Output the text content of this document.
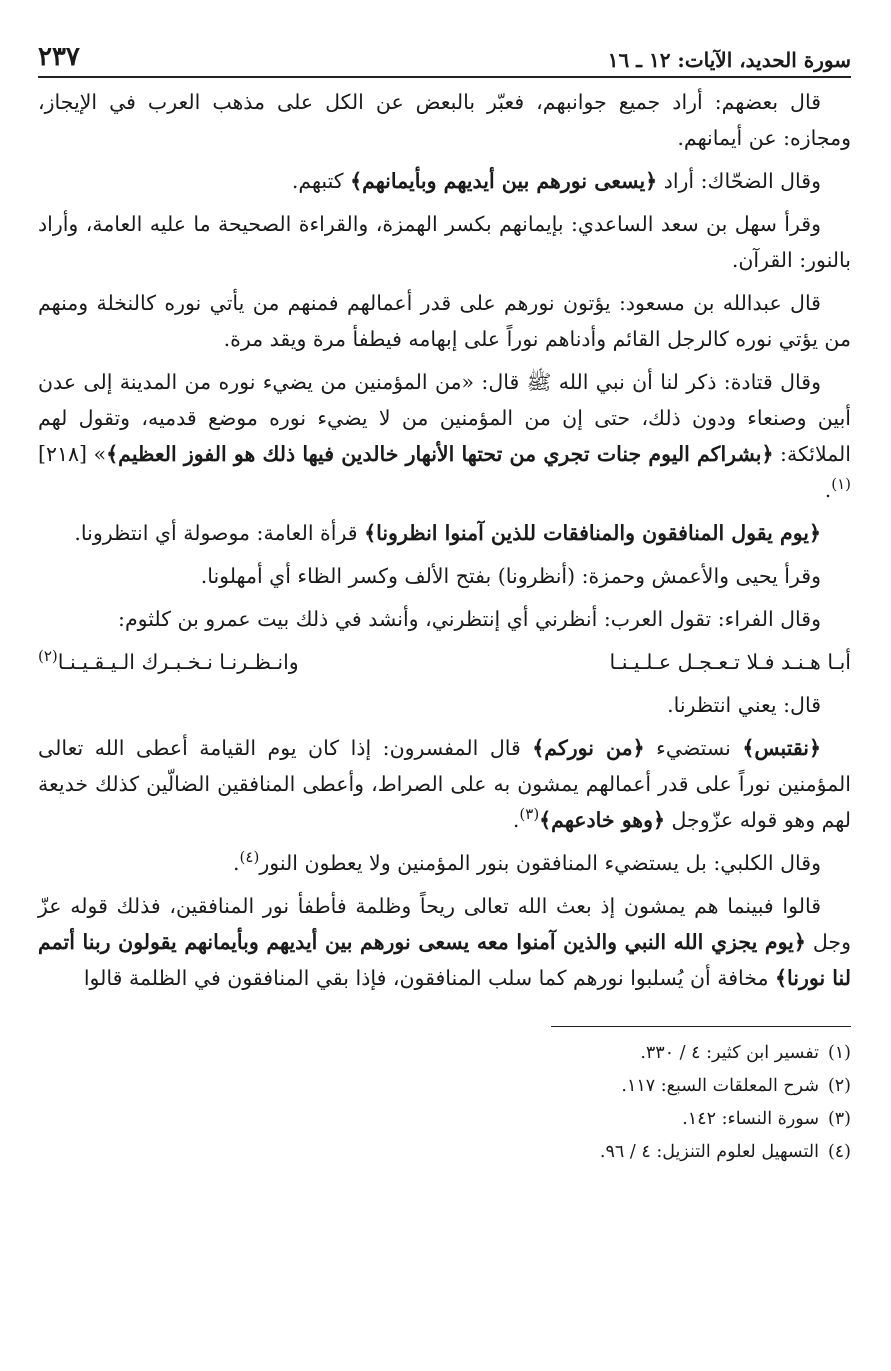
سورة الحديد، الآيات: ١٢ ـ ١٦
٢٣٧

قال بعضهم: أراد جميع جوانبهم، فعبّر بالبعض عن الكل على مذهب العرب في الإيجاز، ومجازه: عن أيمانهم.

وقال الضحّاك: أراد ﴿يسعى نورهم بين أيديهم وبأيمانهم﴾ كتبهم.

وقرأ سهل بن سعد الساعدي: بإيمانهم بكسر الهمزة، والقراءة الصحيحة ما عليه العامة، وأراد بالنور: القرآن.

قال عبدالله بن مسعود: يؤتون نورهم على قدر أعمالهم فمنهم من يأتي نوره كالنخلة ومنهم من يؤتي نوره كالرجل القائم وأدناهم نوراً على إبهامه فيطفأ مرة ويقد مرة.

وقال قتادة: ذكر لنا أن نبي الله ﷺ قال: «من المؤمنين من يضيء نوره من المدينة إلى عدن أبين وصنعاء ودون ذلك، حتى إن من المؤمنين من لا يضيء نوره موضع قدميه، وتقول لهم الملائكة: ﴿بشراكم اليوم جنات تجري من تحتها الأنهار خالدين فيها ذلك هو الفوز العظيم﴾» [٢١٨]$^{(١)}$.

﴿يوم يقول المنافقون والمنافقات للذين آمنوا انظرونا﴾ قرأة العامة: موصولة أي انتظرونا.

وقرأ يحيى والأعمش وحمزة: (أنظرونا) بفتح الألف وكسر الظاء أي أمهلونا.

وقال الفراء: تقول العرب: أنظرني أي إنتظرني، وأنشد في ذلك بيت عمرو بن كلثوم:

أبـا هـنـد فـلا تـعـجـل عـلـيـنـا
وانـظـرنـا نـخـبـرك الـيـقـيـنـا$^{(٢)}$

قال: يعني انتظرنا.

﴿نقتبس﴾ نستضيء ﴿من نوركم﴾ قال المفسرون: إذا كان يوم القيامة أعطى الله تعالى المؤمنين نوراً على قدر أعمالهم يمشون به على الصراط، وأعطى المنافقين الضالّين كذلك خديعة لهم وهو قوله عزّوجل ﴿وهو خادعهم﴾$^{(٣)}$.

وقال الكلبي: بل يستضيء المنافقون بنور المؤمنين ولا يعطون النور$^{(٤)}$.

قالوا فبينما هم يمشون إذ بعث الله تعالى ريحاً وظلمة فأطفأ نور المنافقين، فذلك قوله عزّ وجل ﴿يوم يجزي الله النبي والذين آمنوا معه يسعى نورهم بين أيديهم وبأيمانهم يقولون ربنا أتمم لنا نورنا﴾ مخافة أن يُسلبوا نورهم كما سلب المنافقون، فإذا بقي المنافقون في الظلمة قالوا

(١)
تفسير ابن كثير: ٤ / ٣٣٠.
(٢)
شرح المعلقات السبع: ١١٧.
(٣)
سورة النساء: ١٤٢.
(٤)
التسهيل لعلوم التنزيل: ٤ / ٩٦.
